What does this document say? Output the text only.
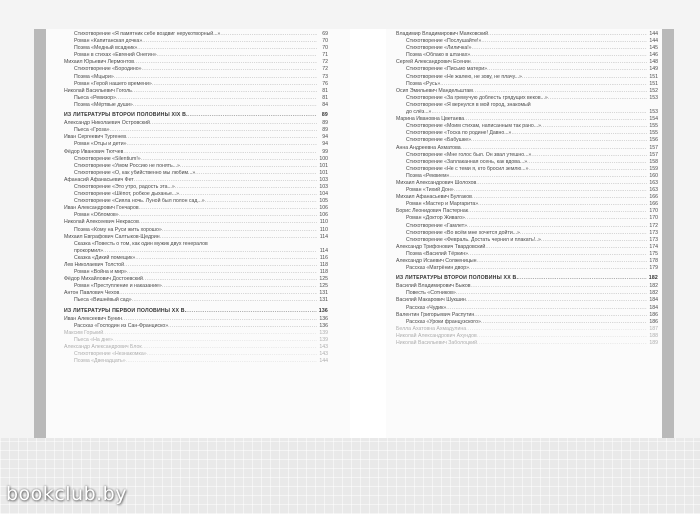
Стихотворение «Я памятник себе воздвиг нерукотворный...» .....	69
Роман «Капитанская дочка» .....	70
Поэма «Медный всадник» .....	70
Роман в стихах «Евгений Онегин» .....	71
Михаил Юрьевич Лермонтов .....	72
Стихотворение «Бородино» .....	72
Поэма «Мцыри» .....	73
Роман «Герой нашего времени» .....	76
Николай Васильевич Гоголь .....	81
Пьеса «Ревизор» .....	81
Поэма «Мёртвые души» .....	84
ИЗ ЛИТЕРАТУРЫ ВТОРОЙ ПОЛОВИНЫ XIX В. .....	89
Александр Николаевич Островский .....	89
Пьеса «Гроза» .....	89
Иван Сергеевич Тургенев .....	94
Роман «Отцы и дети» .....	94
Фёдор Иванович Тютчев .....	99
Стихотворение «Silentium!» .....	100
Стихотворение «Умом Россию не понять...» .....	101
Стихотворение «О, как убийственно мы любим...» .....	101
Афанасий Афанасьевич Фет .....	103
Стихотворение «Это утро, радость эта...» .....	103
Стихотворение «Шёпот, робкое дыханье...» .....	104
Стихотворение «Сияла ночь. Луной был полон сад...» .....	105
Иван Александрович Гончаров .....	106
Роман «Обломов» .....	106
Николай Алексеевич Некрасов .....	110
Поэма «Кому на Руси жить хорошо» .....	110
Михаил Евграфович Салтыков-Щедрин .....	114
Сказка «Повесть о том, как один мужик двух генералов
прокормил» .....	114
Сказка «Дикий помещик» .....	116
Лев Николаевич Толстой .....	118
Роман «Война и мир» .....	118
Фёдор Михайлович Достоевский .....	125
Роман «Преступление и наказание» .....	125
Антон Павлович Чехов .....	131
Пьеса «Вишнёвый сад» .....	131
ИЗ ЛИТЕРАТУРЫ ПЕРВОЙ ПОЛОВИНЫ XX В. .....	136
Иван Алексеевич Бунин .....	136
Рассказ «Господин из Сан-Франциско» .....	136
Максим Горький .....	139
Пьеса «На дне» .....	139
Александр Александрович Блок .....	143
Стихотворение «Незнакомка» .....	143
Поэма «Двенадцать» .....	144
Владимир Владимирович Маяковский .....	144
Стихотворение «Послушайте!» .....	144
Стихотворение «Лиличка!» .....	145
Поэма «Облако в штанах» .....	146
Сергей Александрович Есенин .....	148
Стихотворение «Письмо матери» .....	149
Стихотворение «Не жалею, не зову, не плачу...» .....	151
Поэма «Русь» .....	151
Осип Эмильевич Мандельштам .....	152
Стихотворение «За гремучую доблесть грядущих веков...» .....	153
Стихотворение «Я вернулся в мой город, знакомый
до слёз...» .....	153
Марина Ивановна Цветаева .....	154
Стихотворение «Моим стихам, написанным так рано...» .....	155
Стихотворение «Тоска по родине! Давно...» .....	155
Стихотворение «Бабушке» .....	156
Анна Андреевна Ахматова .....	157
Стихотворение «Мне голос был. Он звал утешно...» .....	157
Стихотворение «Заплаканная осень, как вдова...» .....	158
Стихотворение «Не с теми я, кто бросил землю...» .....	159
Поэма «Реквием» .....	160
Михаил Александрович Шолохов .....	163
Роман «Тихий Дон» .....	163
Михаил Афанасьевич Булгаков .....	166
Роман «Мастер и Маргарита» .....	166
Борис Леонидович Пастернак .....	170
Роман «Доктор Живаго» .....	170
Стихотворение «Гамлет» .....	172
Стихотворение «Во всём мне хочется дойти...» .....	173
Стихотворение «Февраль. Достать чернил и плакать!..» .....	173
Александр Трифонович Твардовский .....	174
Поэма «Василий Тёркин» .....	175
Александр Исаевич Солженицын .....	178
Рассказ «Матрёнин двор» .....	179
ИЗ ЛИТЕРАТУРЫ ВТОРОЙ ПОЛОВИНЫ XX В. .....	182
Василий Владимирович Быков .....	182
Повесть «Сотников» .....	182
Василий Макарович Шукшин .....	184
Рассказ «Чудик» .....	184
Валентин Григорьевич Распутин .....	186
Рассказ «Уроки французского» .....	186
Белла Ахатовна Ахмадулина .....	187
Николай Александрович Ахундов .....	188
Николай Васильевич Заболоцкий .....	189
bookclub.by
